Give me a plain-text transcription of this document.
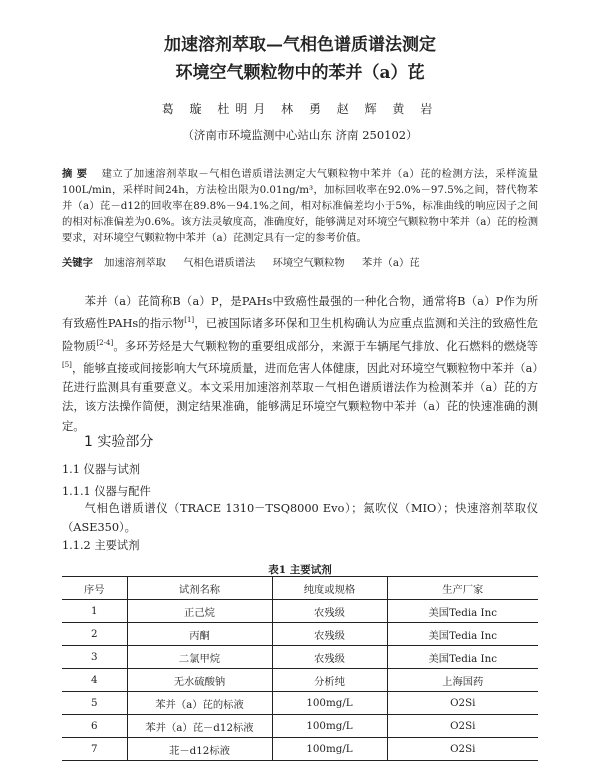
加速溶剂萃取—气相色谱质谱法测定
环境空气颗粒物中的苯并（a）芘
葛 璇 杜明月 林 勇 赵 辉 黄 岩
（济南市环境监测中心站山东 济南 250102）
摘 要 建立了加速溶剂萃取－气相色谱质谱法测定大气颗粒物中苯并（a）芘的检测方法，采样流量100L/min，采样时间24h，方法检出限为0.01ng/m³，加标回收率在92.0%－97.5%之间，替代物苯并（a）芘－d12的回收率在89.8%－94.1%之间，相对标准偏差均小于5%，标准曲线的响应因子之间的相对标准偏差为0.6%。该方法灵敏度高，准确度好，能够满足对环境空气颗粒物中苯并（a）芘的检测要求，对环境空气颗粒物中苯并（a）芘测定具有一定的参考价值。
关键字 加速溶剂萃取 气相色谱质谱法 环境空气颗粒物 苯并（a）芘
苯并（a）芘简称B（a）P，是PAHs中致癌性最强的一种化合物，通常将B（a）P作为所有致癌性PAHs的指示物[1]，已被国际诸多环保和卫生机构确认为应重点监测和关注的致癌性危险物质[2-4]。多环芳烃是大气颗粒物的重要组成部分，来源于车辆尾气排放、化石燃料的燃烧等[5]，能够直接或间接影响大气环境质量，进而危害人体健康，因此对环境空气颗粒物中苯并（a）芘进行监测具有重要意义。本文采用加速溶剂萃取－气相色谱质谱法作为检测苯并（a）芘的方法，该方法操作简便，测定结果准确，能够满足环境空气颗粒物中苯并（a）芘的快速准确的测定。
1 实验部分
1.1 仪器与试剂
1.1.1 仪器与配件
气相色谱质谱仪（TRACE 1310－TSQ8000 Evo）；氮吹仪（MIO）；快速溶剂萃取仪（ASE350）。
1.1.2 主要试剂
表1 主要试剂
序号	试剂名称	纯度或规格	生产厂家
1	正己烷	农残级	美国Tedia Inc
2	丙酮	农残级	美国Tedia Inc
3	二氯甲烷	农残级	美国Tedia Inc
4	无水硫酸钠	分析纯	上海国药
5	苯并（a）芘的标液	100mg/L	O2Si
6	苯并（a）芘－d12标液	100mg/L	O2Si
7	苝－d12标液	100mg/L	O2Si
